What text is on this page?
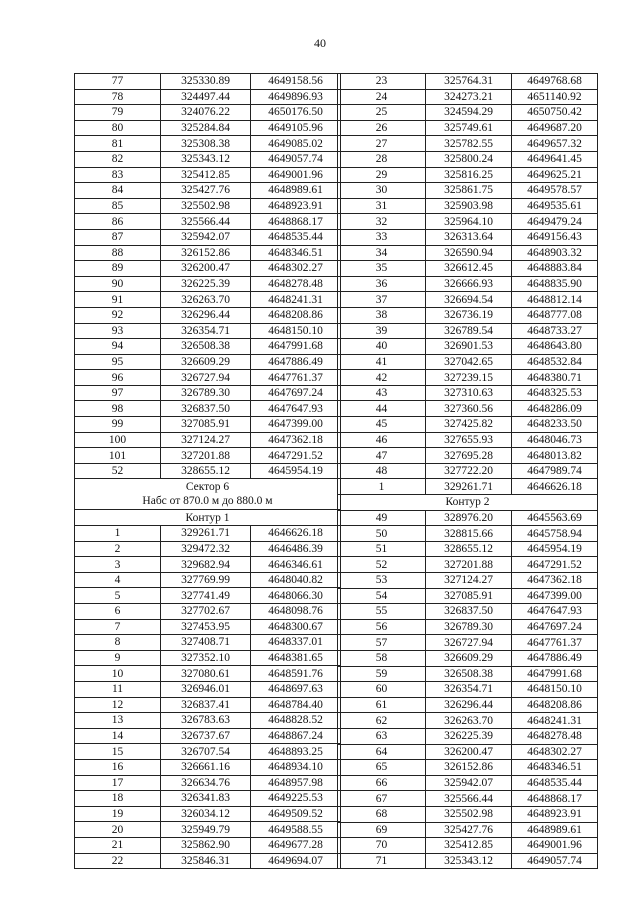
40
77	325330.89	4649158.56
78	324497.44	4649896.93
79	324076.22	4650176.50
80	325284.84	4649105.96
81	325308.38	4649085.02
82	325343.12	4649057.74
83	325412.85	4649001.96
84	325427.76	4648989.61
85	325502.98	4648923.91
86	325566.44	4648868.17
87	325942.07	4648535.44
88	326152.86	4648346.51
89	326200.47	4648302.27
90	326225.39	4648278.48
91	326263.70	4648241.31
92	326296.44	4648208.86
93	326354.71	4648150.10
94	326508.38	4647991.68
95	326609.29	4647886.49
96	326727.94	4647761.37
97	326789.30	4647697.24
98	326837.50	4647647.93
99	327085.91	4647399.00
100	327124.27	4647362.18
101	327201.88	4647291.52
52	328655.12	4645954.19

Сектор 6
Набс от 870.0 м до 880.0 м		

Контур 1		
1	329261.71	4646626.18
2	329472.32	4646486.39
3	329682.94	4646346.61
4	327769.99	4648040.82
5	327741.49	4648066.30
6	327702.67	4648098.76
7	327453.95	4648300.67
8	327408.71	4648337.01
9	327352.10	4648381.65
10	327080.61	4648591.76
11	326946.01	4648697.63
12	326837.41	4648784.40
13	326783.63	4648828.52
14	326737.67	4648867.24
15	326707.54	4648893.25
16	326661.16	4648934.10
17	326634.76	4648957.98
18	326341.83	4649225.53
19	326034.12	4649509.52
20	325949.79	4649588.55
21	325862.90	4649677.28
22	325846.31	4649694.07
23	325764.31	4649768.68
24	324273.21	4651140.92
25	324594.29	4650750.42
26	325749.61	4649687.20
27	325782.55	4649657.32
28	325800.24	4649641.45
29	325816.25	4649625.21
30	325861.75	4649578.57
31	325903.98	4649535.61
32	325964.10	4649479.24
33	326313.64	4649156.43
34	326590.94	4648903.32
35	326612.45	4648883.84
36	326666.93	4648835.90
37	326694.54	4648812.14
38	326736.19	4648777.08
39	326789.54	4648733.27
40	326901.53	4648643.80
41	327042.65	4648532.84
42	327239.15	4648380.71
43	327310.63	4648325.53
44	327360.56	4648286.09
45	327425.82	4648233.50
46	327655.93	4648046.73
47	327695.28	4648013.82
48	327722.20	4647989.74
1	329261.71	4646626.18
Контур 2		
49	328976.20	4645563.69
50	328815.66	4645758.94
51	328655.12	4645954.19
52	327201.88	4647291.52
53	327124.27	4647362.18
54	327085.91	4647399.00
55	326837.50	4647647.93
56	326789.30	4647697.24
57	326727.94	4647761.37
58	326609.29	4647886.49
59	326508.38	4647991.68
60	326354.71	4648150.10
61	326296.44	4648208.86
62	326263.70	4648241.31
63	326225.39	4648278.48
64	326200.47	4648302.27
65	326152.86	4648346.51
66	325942.07	4648535.44
67	325566.44	4648868.17
68	325502.98	4648923.91
69	325427.76	4648989.61
70	325412.85	4649001.96
71	325343.12	4649057.74
